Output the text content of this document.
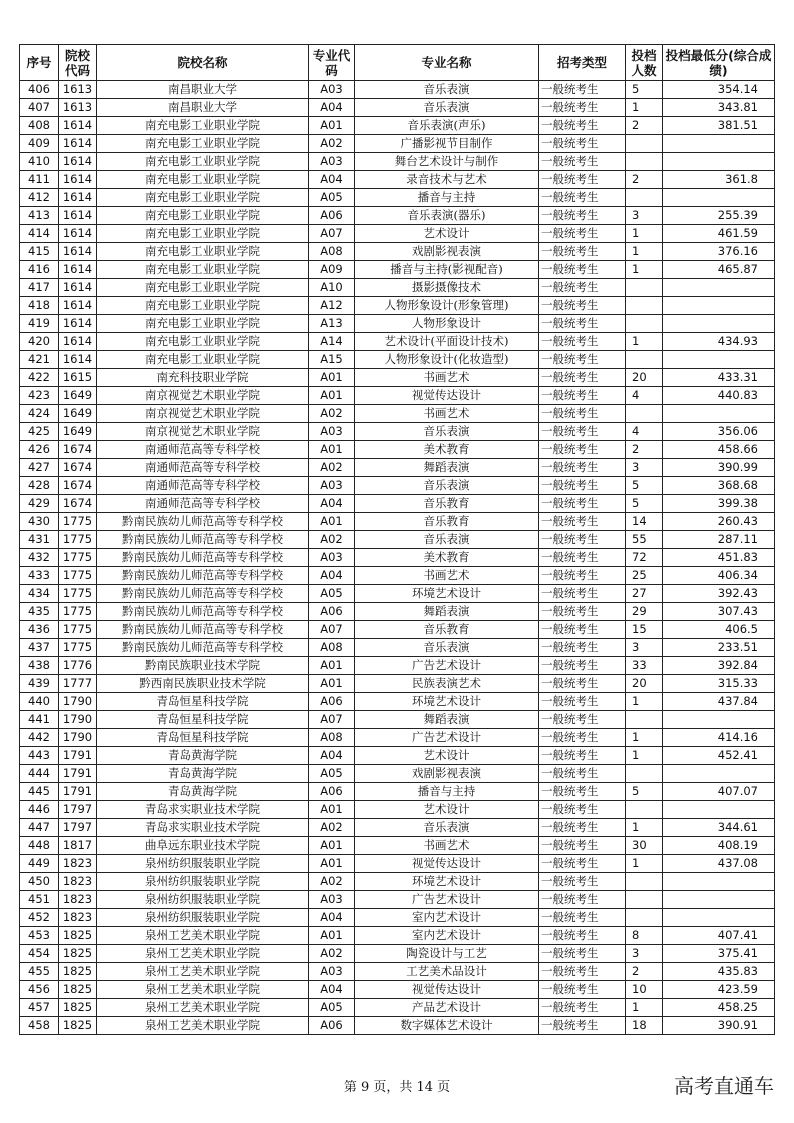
序号	院校代码	院校名称	专业代码	专业名称	招考类型	投档人数	投档最低分(综合成绩)
406	1613	南昌职业大学	A03	音乐表演	一般统考生	5	354.14
407	1613	南昌职业大学	A04	音乐表演	一般统考生	1	343.81
408	1614	南充电影工业职业学院	A01	音乐表演(声乐)	一般统考生	2	381.51
409	1614	南充电影工业职业学院	A02	广播影视节目制作	一般统考生		
410	1614	南充电影工业职业学院	A03	舞台艺术设计与制作	一般统考生		
411	1614	南充电影工业职业学院	A04	录音技术与艺术	一般统考生	2	361.8
412	1614	南充电影工业职业学院	A05	播音与主持	一般统考生		
413	1614	南充电影工业职业学院	A06	音乐表演(器乐)	一般统考生	3	255.39
414	1614	南充电影工业职业学院	A07	艺术设计	一般统考生	1	461.59
415	1614	南充电影工业职业学院	A08	戏剧影视表演	一般统考生	1	376.16
416	1614	南充电影工业职业学院	A09	播音与主持(影视配音)	一般统考生	1	465.87
417	1614	南充电影工业职业学院	A10	摄影摄像技术	一般统考生		
418	1614	南充电影工业职业学院	A12	人物形象设计(形象管理)	一般统考生		
419	1614	南充电影工业职业学院	A13	人物形象设计	一般统考生		
420	1614	南充电影工业职业学院	A14	艺术设计(平面设计技术)	一般统考生	1	434.93
421	1614	南充电影工业职业学院	A15	人物形象设计(化妆造型)	一般统考生		
422	1615	南充科技职业学院	A01	书画艺术	一般统考生	20	433.31
423	1649	南京视觉艺术职业学院	A01	视觉传达设计	一般统考生	4	440.83
424	1649	南京视觉艺术职业学院	A02	书画艺术	一般统考生		
425	1649	南京视觉艺术职业学院	A03	音乐表演	一般统考生	4	356.06
426	1674	南通师范高等专科学校	A01	美术教育	一般统考生	2	458.66
427	1674	南通师范高等专科学校	A02	舞蹈表演	一般统考生	3	390.99
428	1674	南通师范高等专科学校	A03	音乐表演	一般统考生	5	368.68
429	1674	南通师范高等专科学校	A04	音乐教育	一般统考生	5	399.38
430	1775	黔南民族幼儿师范高等专科学校	A01	音乐教育	一般统考生	14	260.43
431	1775	黔南民族幼儿师范高等专科学校	A02	音乐表演	一般统考生	55	287.11
432	1775	黔南民族幼儿师范高等专科学校	A03	美术教育	一般统考生	72	451.83
433	1775	黔南民族幼儿师范高等专科学校	A04	书画艺术	一般统考生	25	406.34
434	1775	黔南民族幼儿师范高等专科学校	A05	环境艺术设计	一般统考生	27	392.43
435	1775	黔南民族幼儿师范高等专科学校	A06	舞蹈表演	一般统考生	29	307.43
436	1775	黔南民族幼儿师范高等专科学校	A07	音乐教育	一般统考生	15	406.5
437	1775	黔南民族幼儿师范高等专科学校	A08	音乐表演	一般统考生	3	233.51
438	1776	黔南民族职业技术学院	A01	广告艺术设计	一般统考生	33	392.84
439	1777	黔西南民族职业技术学院	A01	民族表演艺术	一般统考生	20	315.33
440	1790	青岛恒星科技学院	A06	环境艺术设计	一般统考生	1	437.84
441	1790	青岛恒星科技学院	A07	舞蹈表演	一般统考生		
442	1790	青岛恒星科技学院	A08	广告艺术设计	一般统考生	1	414.16
443	1791	青岛黄海学院	A04	艺术设计	一般统考生	1	452.41
444	1791	青岛黄海学院	A05	戏剧影视表演	一般统考生		
445	1791	青岛黄海学院	A06	播音与主持	一般统考生	5	407.07
446	1797	青岛求实职业技术学院	A01	艺术设计	一般统考生		
447	1797	青岛求实职业技术学院	A02	音乐表演	一般统考生	1	344.61
448	1817	曲阜远东职业技术学院	A01	书画艺术	一般统考生	30	408.19
449	1823	泉州纺织服装职业学院	A01	视觉传达设计	一般统考生	1	437.08
450	1823	泉州纺织服装职业学院	A02	环境艺术设计	一般统考生		
451	1823	泉州纺织服装职业学院	A03	广告艺术设计	一般统考生		
452	1823	泉州纺织服装职业学院	A04	室内艺术设计	一般统考生		
453	1825	泉州工艺美术职业学院	A01	室内艺术设计	一般统考生	8	407.41
454	1825	泉州工艺美术职业学院	A02	陶瓷设计与工艺	一般统考生	3	375.41
455	1825	泉州工艺美术职业学院	A03	工艺美术品设计	一般统考生	2	435.83
456	1825	泉州工艺美术职业学院	A04	视觉传达设计	一般统考生	10	423.59
457	1825	泉州工艺美术职业学院	A05	产品艺术设计	一般统考生	1	458.25
458	1825	泉州工艺美术职业学院	A06	数字媒体艺术设计	一般统考生	18	390.91
第 9 页，共 14 页	高考直通车
